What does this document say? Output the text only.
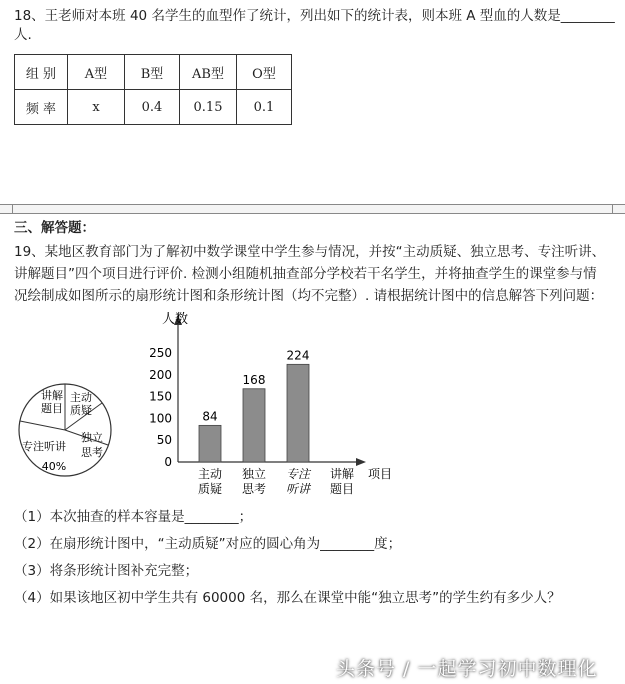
18、王老师对本班 40 名学生的血型作了统计，列出如下的统计表，则本班 A 型血的人数是________
人.
组 别	A型	B型	AB型	O型
频 率	x	0.4	0.15	0.1
三、解答题：
19、某地区教育部门为了解初中数学课堂中学生参与情况，并按“主动质疑、独立思考、专注听讲、
讲解题目”四个项目进行评价. 检测小组随机抽查部分学校若干名学生，并将抽查学生的课堂参与情
况绘制成如图所示的扇形统计图和条形统计图（均不完整）. 请根据统计图中的信息解答下列问题：
讲解
题目
主动
质疑
独立
思考
专注听讲
40%
人数
项目
0
50
100
150
200
250
84
主动
质疑
168
独立
思考
224
专注
听讲
讲解
题目
（1）本次抽查的样本容量是________；
（2）在扇形统计图中，“主动质疑”对应的圆心角为________度；
（3）将条形统计图补充完整；
（4）如果该地区初中学生共有 60000 名，那么在课堂中能“独立思考”的学生约有多少人？
头条号 / 一起学习初中数理化
